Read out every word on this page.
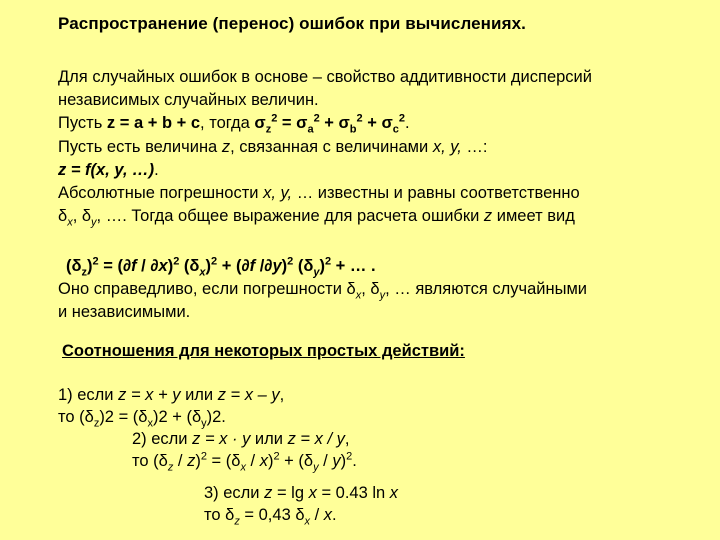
Распространение (перенос) ошибок при вычислениях.
Для случайных ошибок в основе – свойство аддитивности дисперсий
независимых случайных величин.
Пусть z = a + b + c, тогда $\sigma_z^2 = \sigma_a^2 + \sigma_b^2 + \sigma_c^2$.
Пусть есть величина z, связанная с величинами x, y, …:
z = f(x, y, …).
Абсолютные погрешности x, y, … известны и равны соответственно
$\delta_x$, $\delta_y$, …. Тогда общее выражение для расчета ошибки z имеет вид
$(\delta_z)^2 = (\partial f / \partial x)^2$ $(\delta_x)^2 + (\partial f$ /∂y)$^2$ $(\delta_y)^2$ + … .
Оно справедливо, если погрешности $\delta_x$, $\delta_y$, … являются случайными
и независимыми.
Соотношения для некоторых простых действий:
1) если z = x + y или z = x – y,
то $(\delta_z)2 = (\delta_x)2 + (\delta_y)2$.
2) если z = x · y или z = x / y,
то $(\delta_z / z)^2 = (\delta_x / x)^2 + (\delta_y / y)^2$.
3) если z = lg x = 0.43 ln x
то $\delta_z = 0,43$ $\delta_x$ / x.
